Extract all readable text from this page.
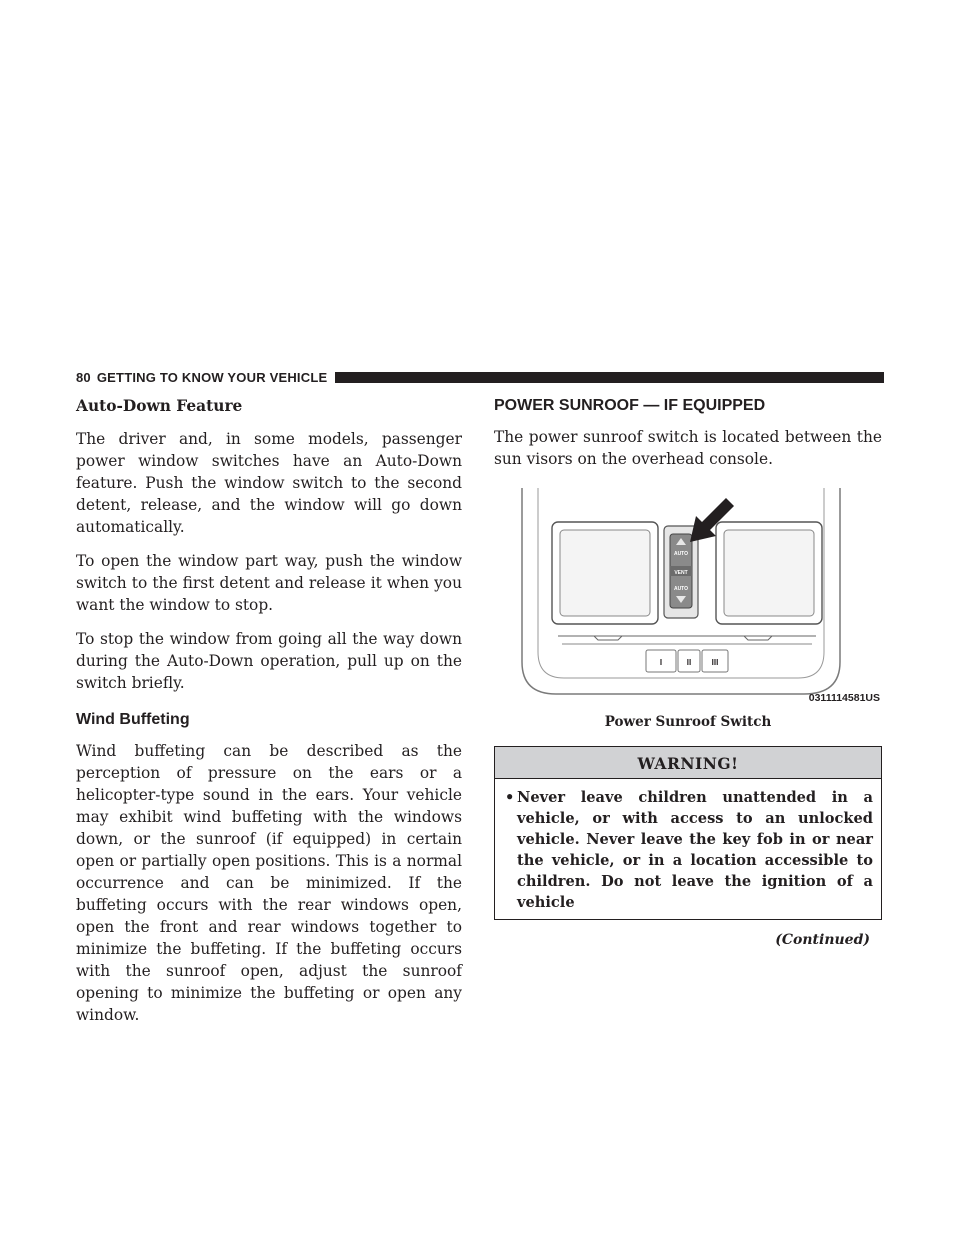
80 GETTING TO KNOW YOUR VEHICLE
Auto-Down Feature

The driver and, in some models, passenger power window switches have an Auto-Down feature. Push the window switch to the second detent, release, and the window will go down automatically.

To open the window part way, push the window switch to the first detent and release it when you want the window to stop.

To stop the window from going all the way down during the Auto-Down operation, pull up on the switch briefly.

Wind Buffeting

Wind buffeting can be described as the perception of pressure on the ears or a helicopter-type sound in the ears. Your vehicle may exhibit wind buffeting with the windows down, or the sunroof (if equipped) in certain open or partially open positions. This is a normal occurrence and can be minimized. If the buffeting occurs with the rear windows open, open the front and rear windows together to minimize the buffeting. If the buffeting occurs with the sunroof open, adjust the sunroof opening to minimize the buffeting or open any window.

POWER SUNROOF — IF EQUIPPED

The power sunroof switch is located between the sun visors on the overhead console.

AUTO
VENT
AUTO
I	II	III
0311114581US
Power Sunroof Switch
WARNING!
• Never leave children unattended in a vehicle, or with access to an unlocked vehicle. Never leave the key fob in or near the vehicle, or in a location accessible to children. Do not leave the ignition of a vehicle
(Continued)
